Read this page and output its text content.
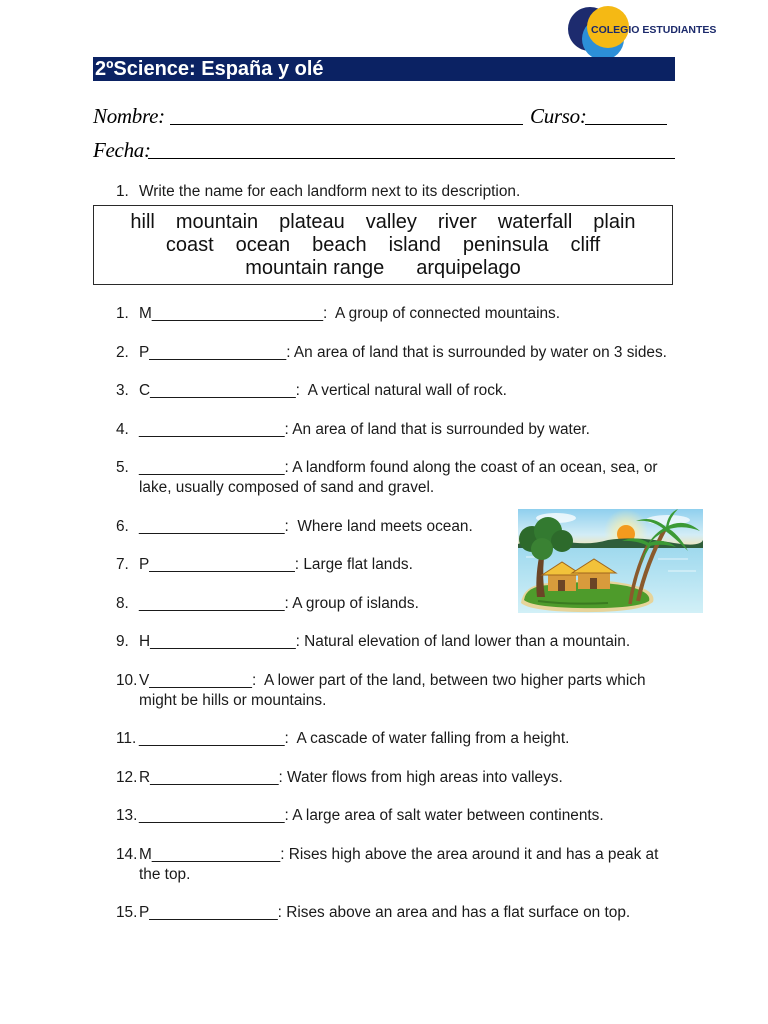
COLEGIO ESTUDIANTES
2ºScience: España y olé
Nombre:	Curso:
Fecha:
1. Write the name for each landform next to its description.
hill mountain plateau valley river waterfall plain
coast ocean beach island peninsula cliff
mountain range arquipelago
1. M____________________:  A group of connected mountains.
2. P________________: An area of land that is surrounded by water on 3 sides.
3. C_________________:  A vertical natural wall of rock.
4. _________________: An area of land that is surrounded by water.
5. _________________: A landform found along the coast of an ocean, sea, or lake, usually composed of sand and gravel.
6. _________________:  Where land meets ocean.
7. P_________________: Large flat lands.
8. _________________: A group of islands.
9. H_________________: Natural elevation of land lower than a mountain.
10. V____________:  A lower part of the land, between two higher parts which might be hills or mountains.
11. _________________:  A cascade of water falling from a height.
12. R_______________: Water flows from high areas into valleys.
13. _________________: A large area of salt water between continents.
14. M_______________: Rises high above the area around it and has a peak at the top.
15. P_______________: Rises above an area and has a flat surface on top.
